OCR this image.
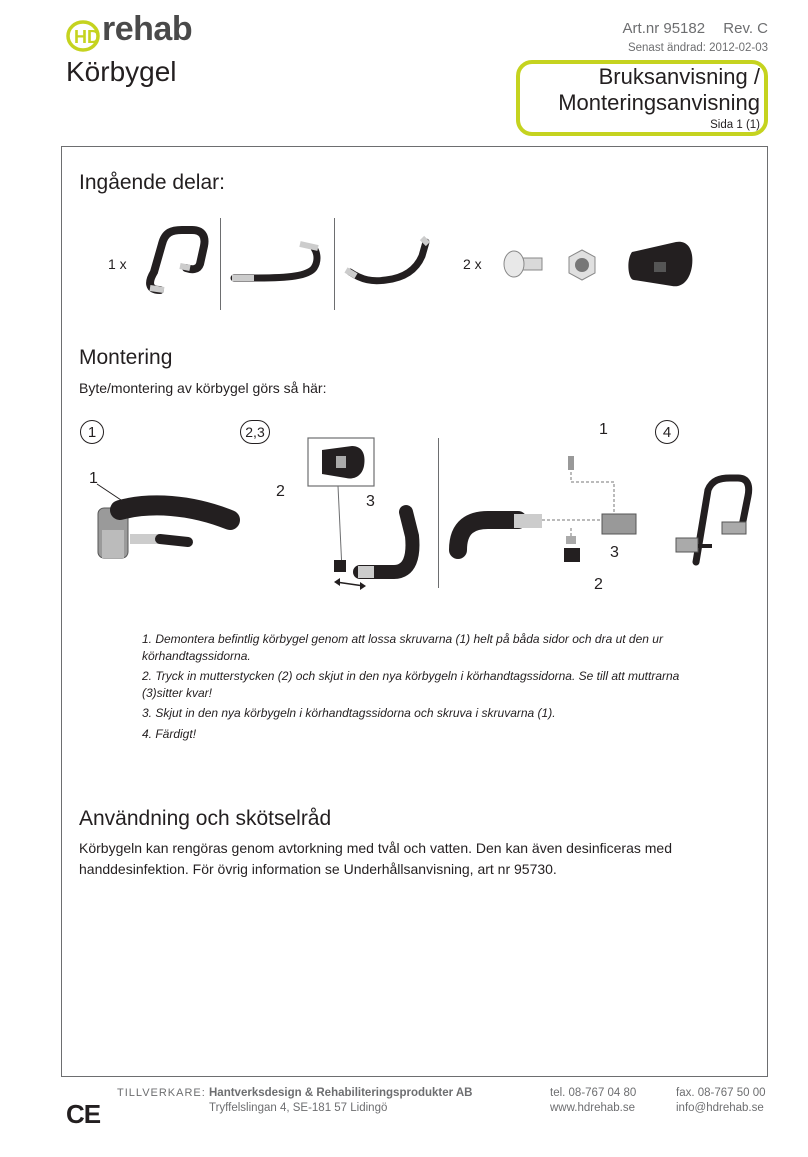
HD rehab
Körbygel
Art.nr 95182 Rev. C
Senast ändrad: 2012-02-03
Bruksanvisning /
Monteringsanvisning
Sida 1 (1)
Ingående delar:
1 x	2 x
Montering
Byte/montering av körbygel görs så här:
1	2,3	4
1
2
3
1
3
2

1. Demontera befintlig körbygel genom att lossa skruvarna (1) helt på båda sidor och dra ut den ur körhandtagssidorna.

2. Tryck in mutterstycken (2) och skjut in den nya körbygeln i körhandtagssidorna. Se till att muttrarna (3)sitter kvar!

3. Skjut in den nya körbygeln i körhandtagssidorna och skruva i skruvarna (1).

4. Färdigt!

Användning och skötselråd
Körbygeln kan rengöras genom avtorkning med tvål och vatten. Den kan även desinficeras med handdesinfektion. För övrig information se Underhållsanvisning, art nr 95730.
CE
TILLVERKARE: Hantverksdesign & Rehabiliteringsprodukter AB
Tryffelslingan 4, SE-181 57 Lidingö
tel. 08-767 04 80
www.hdrehab.se
fax. 08-767 50 00
info@hdrehab.se
